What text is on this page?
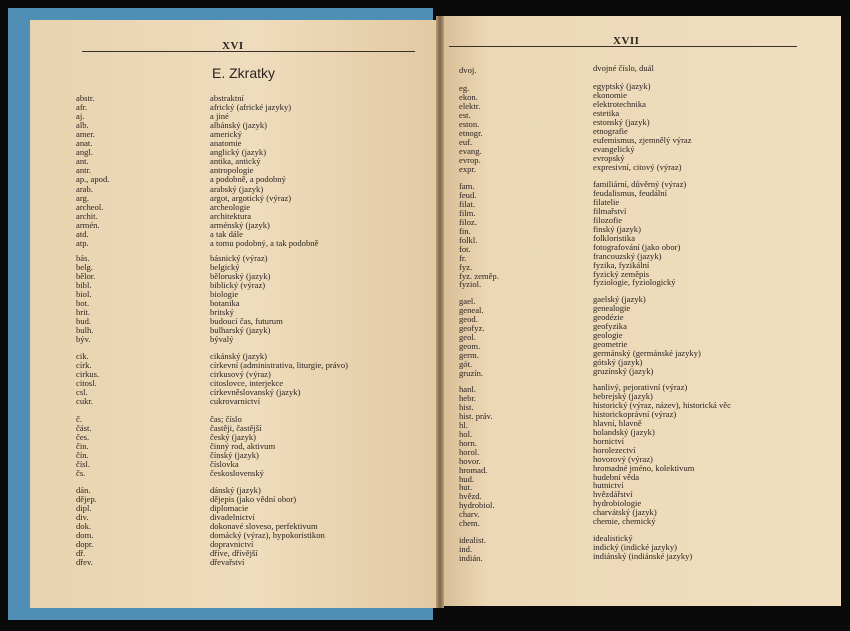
XVI
E. Zkratky
abstr.	abstraktní
afr.	africký (africké jazyky)
aj.	a jiné
alb.	albánský (jazyk)
amer.	americký
anat.	anatomie
angl.	anglický (jazyk)
ant.	antika, antický
antr.	antropologie
ap., apod.	a podobně, a podobný
arab.	arabský (jazyk)
arg.	argot, argotický (výraz)
archeol.	archeologie
archit.	architektura
armén.	arménský (jazyk)
atd.	a tak dále
atp.	a tomu podobný, a tak podobně
bás.	básnický (výraz)
belg.	belgický
bělor.	běloruský (jazyk)
bibl.	biblický (výraz)
biol.	biologie
bot.	botanika
brit.	britský
bud.	budoucí čas, futurum
bulh.	bulharský (jazyk)
býv.	bývalý
cik.	cikánský (jazyk)
círk.	církevní (administrativa, liturgie, právo)
cirkus.	cirkusový (výraz)
citosl.	citoslovce, interjekce
csl.	církevněslovanský (jazyk)
cukr.	cukrovarnictví
č.	čas; číslo
část.	častěji, častější
čes.	český (jazyk)
čin.	činný rod, aktivum
čín.	čínský (jazyk)
čísl.	číslovka
čs.	československý
dán.	dánský (jazyk)
dějep.	dějepis (jako vědní obor)
dipl.	diplomacie
div.	divadelnictví
dok.	dokonavé sloveso, perfektivum
dom.	domácký (výraz), hypokoristikon
dopr.	dopravnictví
dř.	dříve, dřívější
dřev.	dřevařství
XVII
dvoj.	dvojné číslo, duál
eg.	egyptský (jazyk)
ekon.	ekonomie
elektr.	elektrotechnika
est.	estetika
eston.	estonský (jazyk)
etnogr.	etnografie
euf.	eufemismus, zjemnělý výraz
evang.	evangelický
evrop.	evropský
expr.	expresivní, citový (výraz)
fam.	familiární, důvěrný (výraz)
feud.	feudalismus, feudální
filat.	filatelie
film.	filmařství
filoz.	filozofie
fin.	finský (jazyk)
folkl.	folkloristika
fot.	fotografování (jako obor)
fr.	francouzský (jazyk)
fyz.	fyzika, fyzikální
fyz. zeměp.	fyzický zeměpis
fyziol.	fyziologie, fyziologický
gael.	gaelský (jazyk)
geneal.	genealogie
geod.	geodézie
geofyz.	geofyzika
geol.	geologie
geom.	geometrie
germ.	germánský (germánské jazyky)
gót.	gótský (jazyk)
gruzín.	gruzínský (jazyk)
hanl.	hanlivý, pejorativní (výraz)
hebr.	hebrejský (jazyk)
hist.	historický (výraz, název), historická věc
hist. práv.	historickoprávní (výraz)
hl.	hlavní, hlavně
hol.	holandský (jazyk)
horn.	hornictví
horol.	horolezectví
hovor.	hovorový (výraz)
hromad.	hromadné jméno, kolektivum
hud.	hudební věda
hut.	hutnictví
hvězd.	hvězdářství
hydrobiol.	hydrobiologie
charv.	charvátský (jazyk)
chem.	chemie, chemický
idealist.	idealistický
ind.	indický (indické jazyky)
indián.	indiánský (indiánské jazyky)
